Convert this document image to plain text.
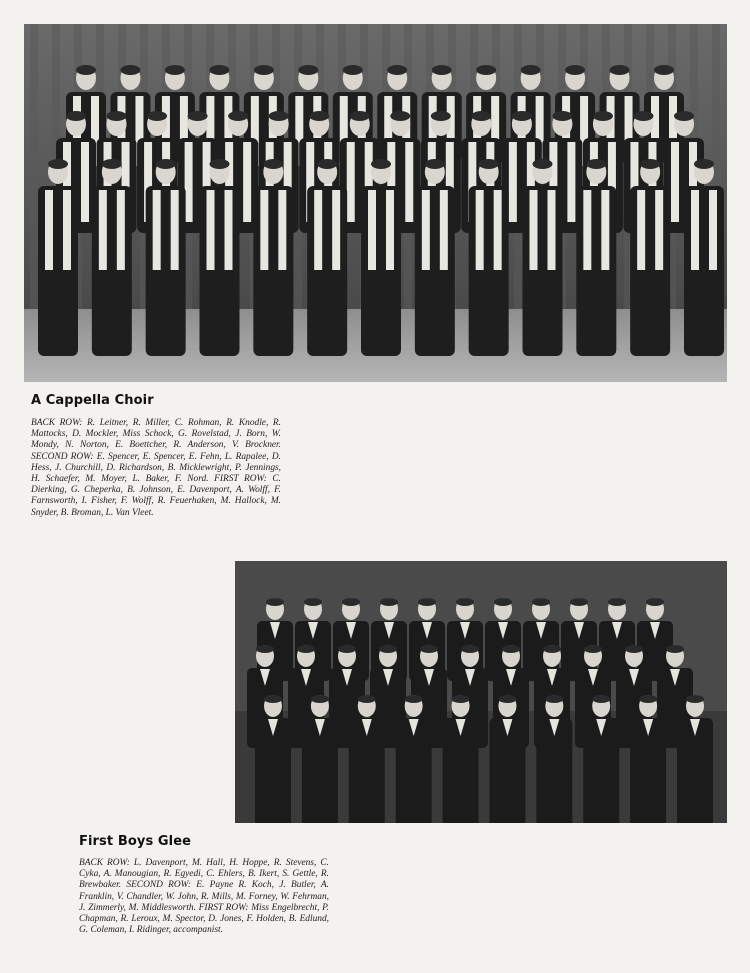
A Cappella Choir

BACK ROW: R. Leitner, R. Miller, C. Rohman, R. Knodle, R. Mattocks, D. Mockler, Miss Schock, G. Rovelstad, J. Born, W. Mondy, N. Norton, E. Boettcher, R. Anderson, V. Brockner. SECOND ROW: E. Spencer, E. Spencer, E. Fehn, L. Rapalee, D. Hess, J. Churchill, D. Richardson, B. Micklewright, P. Jennings, H. Schaefer, M. Moyer, L. Baker, F. Nord. FIRST ROW: C. Dierking, G. Cheperka, B. Johnson, E. Davenport, A. Wolff, F. Farnsworth, I. Fisher, F. Wolff, R. Feuerhaken, M. Hallock, M. Snyder, B. Broman, L. Van Vleet.

First Boys Glee

BACK ROW: L. Davenport, M. Hall, H. Hoppe, R. Stevens, C. Cyka, A. Manougian, R. Egyedi, C. Ehlers, B. Ikert, S. Gettle, R. Brewbaker. SECOND ROW: E. Payne R. Koch, J. Butler, A. Franklin, V. Chandler, W. John, R. Mills, M. Forney, W. Fehrman, J. Zimmerly, M. Middlesworth. FIRST ROW: Miss Engelbrecht, P. Chapman, R. Leroux, M. Spector, D. Jones, F. Holden, B. Edlund, G. Coleman, I. Ridinger, accompanist.
